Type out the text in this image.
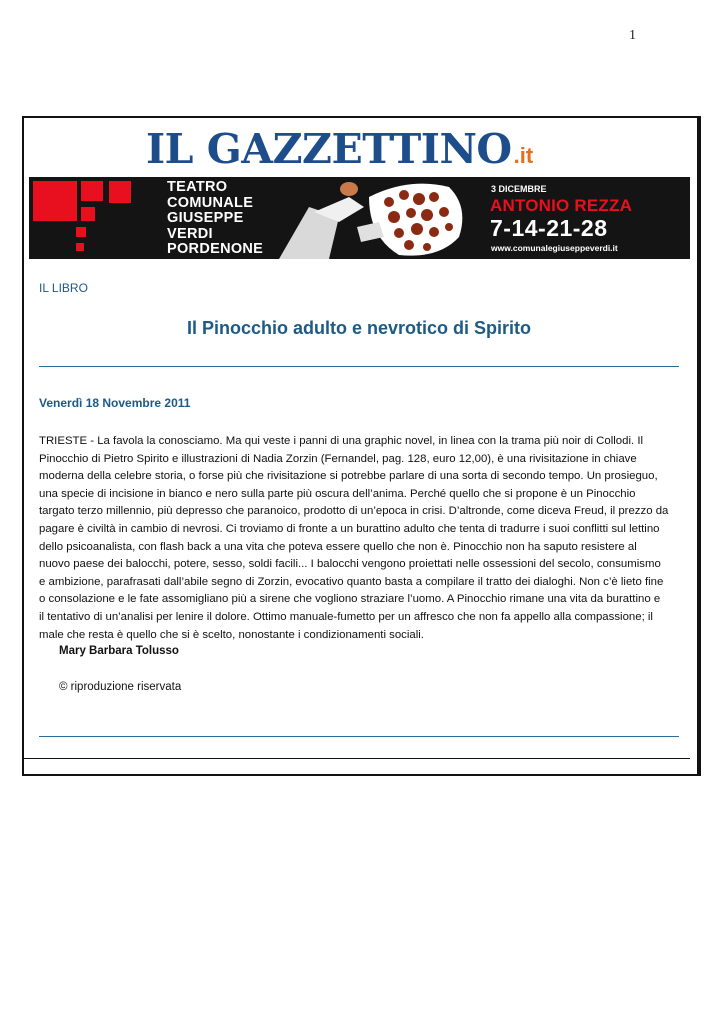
1
IL GAZZETTINO .it
TEATRO
COMUNALE
GIUSEPPE
VERDI
PORDENONE
3 DICEMBRE
ANTONIO REZZA
7-14-21-28
www.comunalegiuseppeverdi.it
IL LIBRO
Il Pinocchio adulto e nevrotico di Spirito
Venerdì 18 Novembre 2011
TRIESTE - La favola la conosciamo. Ma qui veste i panni di una graphic novel, in linea con la trama più noir di Collodi. Il
Pinocchio di Pietro Spirito e illustrazioni di Nadia Zorzin (Fernandel, pag. 128, euro 12,00), è una rivisitazione in chiave
moderna della celebre storia, o forse più che rivisitazione si potrebbe parlare di una sorta di secondo tempo. Un prosieguo,
una specie di incisione in bianco e nero sulla parte più oscura dell’anima. Perché quello che si propone è un Pinocchio
targato terzo millennio, più depresso che paranoico, prodotto di un’epoca in crisi. D’altronde, come diceva Freud, il prezzo da
pagare è civiltà in cambio di nevrosi. Ci troviamo di fronte a un burattino adulto che tenta di tradurre i suoi conflitti sul lettino
dello psicoanalista, con flash back a una vita che poteva essere quello che non è. Pinocchio non ha saputo resistere al
nuovo paese dei balocchi, potere, sesso, soldi facili... I balocchi vengono proiettati nelle ossessioni del secolo, consumismo
e ambizione, parafrasati dall’abile segno di Zorzin, evocativo quanto basta a compilare il tratto dei dialoghi. Non c’è lieto fine
o consolazione e le fate assomigliano più a sirene che vogliono straziare l’uomo. A Pinocchio rimane una vita da burattino e
il tentativo di un’analisi per lenire il dolore. Ottimo manuale-fumetto per un affresco che non fa appello alla compassione; il
male che resta è quello che si è scelto, nonostante i condizionamenti sociali.
Mary Barbara Tolusso
© riproduzione riservata
